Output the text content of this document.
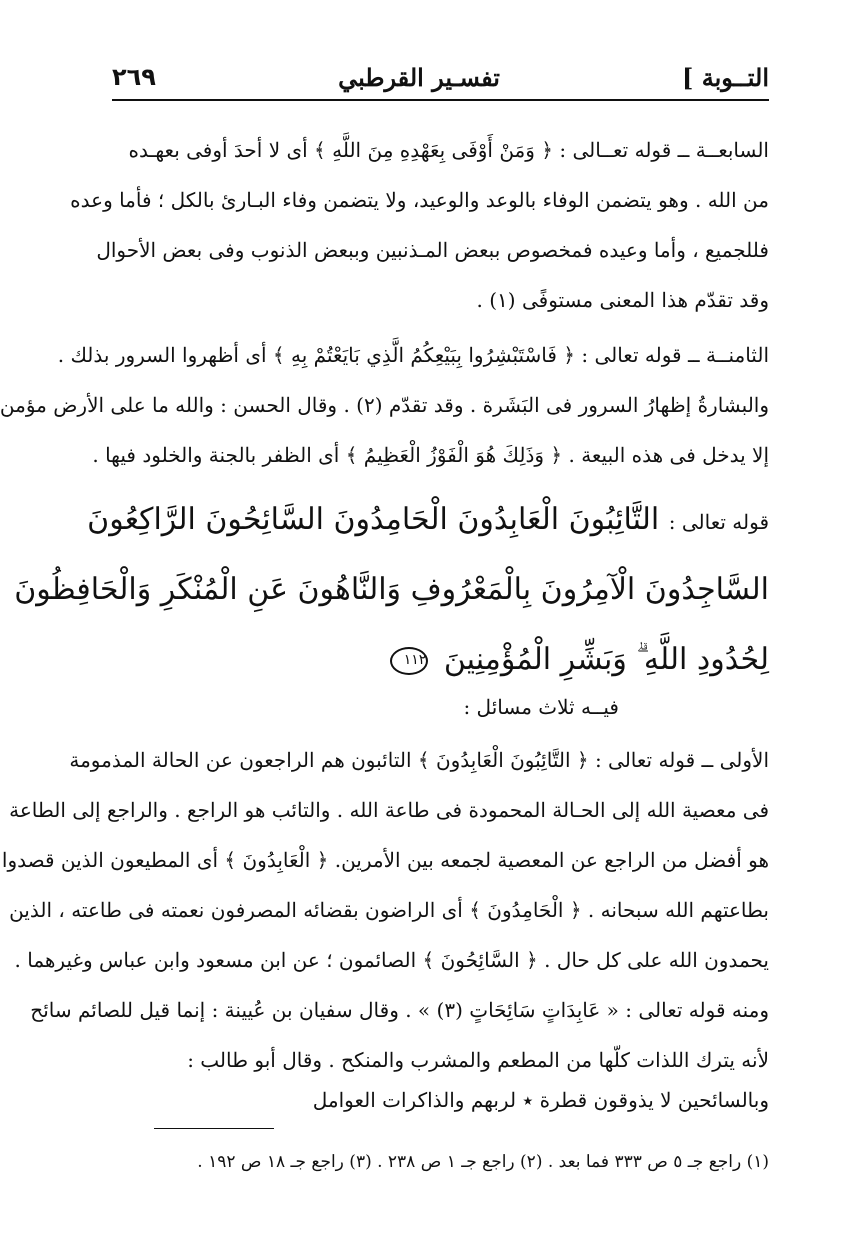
التــوبة ]
تفسـير القرطبي
٢٦٩
السابعــة ــ قوله تعــالى : ﴿ وَمَنْ أَوْفَى بِعَهْدِهِ مِنَ اللَّهِ ﴾ أى لا أحدَ أوفى بعهـده
من الله . وهو يتضمن الوفاء بالوعد والوعيد، ولا يتضمن وفاء البـارئ بالكل ؛ فأما وعده
فللجميع ، وأما وعيده فمخصوص ببعض المـذنبين وببعض الذنوب وفى بعض الأحوال
وقد تقدّم هذا المعنى مستوفًى (١) .
الثامنــة ــ قوله تعالى : ﴿ فَاسْتَبْشِرُوا بِبَيْعِكُمُ الَّذِي بَايَعْتُمْ بِهِ ﴾ أى أظهروا السرور بذلك .
والبشارةُ إظهارُ السرور فى البَشَرة . وقد تقدّم (٢) . وقال الحسن : والله ما على الأرض مؤمن
إلا يدخل فى هذه البيعة . ﴿ وَذَلِكَ هُوَ الْفَوْزُ الْعَظِيمُ ﴾ أى الظفر بالجنة والخلود فيها .
قوله تعالى : التَّائِبُونَ الْعَابِدُونَ الْحَامِدُونَ السَّائِحُونَ الرَّاكِعُونَ
السَّاجِدُونَ الْآمِرُونَ بِالْمَعْرُوفِ وَالنَّاهُونَ عَنِ الْمُنْكَرِ وَالْحَافِظُونَ
لِحُدُودِ اللَّهِ ۗ وَبَشِّرِ الْمُؤْمِنِينَ ١١٢
فيــه ثلاث مسائل :
الأولى ــ قوله تعالى : ﴿ التَّائِبُونَ الْعَابِدُونَ ﴾ التائبون هم الراجعون عن الحالة المذمومة
فى معصية الله إلى الحـالة المحمودة فى طاعة الله . والتائب هو الراجع . والراجع إلى الطاعة
هو أفضل من الراجع عن المعصية لجمعه بين الأمرين. ﴿ الْعَابِدُونَ ﴾ أى المطيعون الذين قصدوا
بطاعتهم الله سبحانه . ﴿ الْحَامِدُونَ ﴾ أى الراضون بقضائه المصرفون نعمته فى طاعته ، الذين
يحمدون الله على كل حال . ﴿ السَّائِحُونَ ﴾ الصائمون ؛ عن ابن مسعود وابن عباس وغيرهما .
ومنه قوله تعالى : « عَابِدَاتٍ سَائِحَاتٍ (٣) » . وقال سفيان بن عُيينة : إنما قيل للصائم سائح
لأنه يترك اللذات كلّها من المطعم والمشرب والمنكح . وقال أبو طالب :
وبالسائحين لا يذوقون قطرة ٭ لربهم والذاكرات العوامل
(١) راجع جـ ٥ ص ٣٣٣ فما بعد . (٢) راجع جـ ١ ص ٢٣٨ . (٣) راجع جـ ١٨ ص ١٩٢ .
